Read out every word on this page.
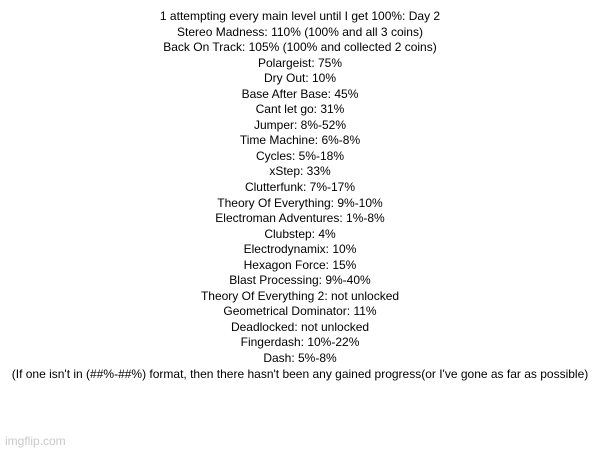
1 attempting every main level until I get 100%: Day 2
Stereo Madness: 110% (100% and all 3 coins)
Back On Track: 105% (100% and collected 2 coins)
Polargeist: 75%
Dry Out: 10%
Base After Base: 45%
Cant let go: 31%
Jumper: 8%-52%
Time Machine: 6%-8%
Cycles: 5%-18%
xStep: 33%
Clutterfunk: 7%-17%
Theory Of Everything: 9%-10%
Electroman Adventures: 1%-8%
Clubstep: 4%
Electrodynamix: 10%
Hexagon Force: 15%
Blast Processing: 9%-40%
Theory Of Everything 2: not unlocked
Geometrical Dominator: 11%
Deadlocked: not unlocked
Fingerdash: 10%-22%
Dash: 5%-8%
(If one isn't in (##%-##%) format, then there hasn't been any gained progress(or I've gone as far as possible)
imgflip.com
